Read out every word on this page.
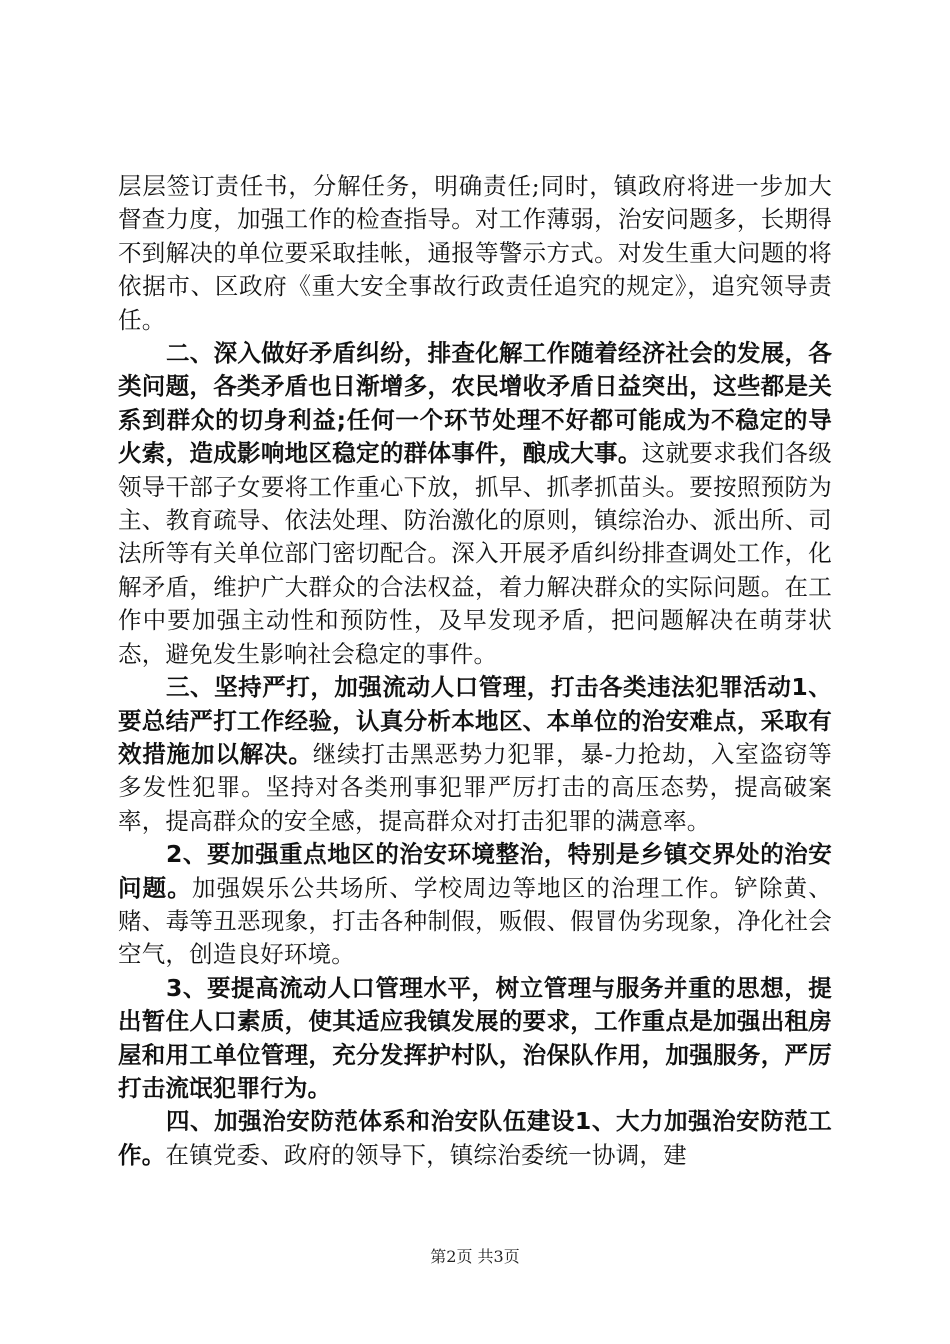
层层签订责任书，分解任务，明确责任;同时，镇政府将进一步加大督查力度，加强工作的检查指导。对工作薄弱，治安问题多，长期得不到解决的单位要采取挂帐，通报等警示方式。对发生重大问题的将依据市、区政府《重大安全事故行政责任追究的规定》，追究领导责任。

二、深入做好矛盾纠纷，排查化解工作随着经济社会的发展，各类问题，各类矛盾也日渐增多，农民增收矛盾日益突出，这些都是关系到群众的切身利益;任何一个环节处理不好都可能成为不稳定的导火索，造成影响地区稳定的群体事件，酿成大事。这就要求我们各级领导干部子女要将工作重心下放，抓早、抓孝抓苗头。要按照预防为主、教育疏导、依法处理、防治激化的原则，镇综治办、派出所、司法所等有关单位部门密切配合。深入开展矛盾纠纷排查调处工作，化解矛盾，维护广大群众的合法权益，着力解决群众的实际问题。在工作中要加强主动性和预防性，及早发现矛盾，把问题解决在萌芽状态，避免发生影响社会稳定的事件。

三、坚持严打，加强流动人口管理，打击各类违法犯罪活动1、要总结严打工作经验，认真分析本地区、本单位的治安难点，采取有效措施加以解决。继续打击黑恶势力犯罪，暴-力抢劫，入室盗窃等多发性犯罪。坚持对各类刑事犯罪严厉打击的高压态势，提高破案率，提高群众的安全感，提高群众对打击犯罪的满意率。

2、要加强重点地区的治安环境整治，特别是乡镇交界处的治安问题。加强娱乐公共场所、学校周边等地区的治理工作。铲除黄、赌、毒等丑恶现象，打击各种制假，贩假、假冒伪劣现象，净化社会空气，创造良好环境。

3、要提高流动人口管理水平，树立管理与服务并重的思想，提出暂住人口素质，使其适应我镇发展的要求，工作重点是加强出租房屋和用工单位管理，充分发挥护村队，治保队作用，加强服务，严厉打击流氓犯罪行为。

四、加强治安防范体系和治安队伍建设1、大力加强治安防范工作。在镇党委、政府的领导下，镇综治委统一协调，建

第2页 共3页
